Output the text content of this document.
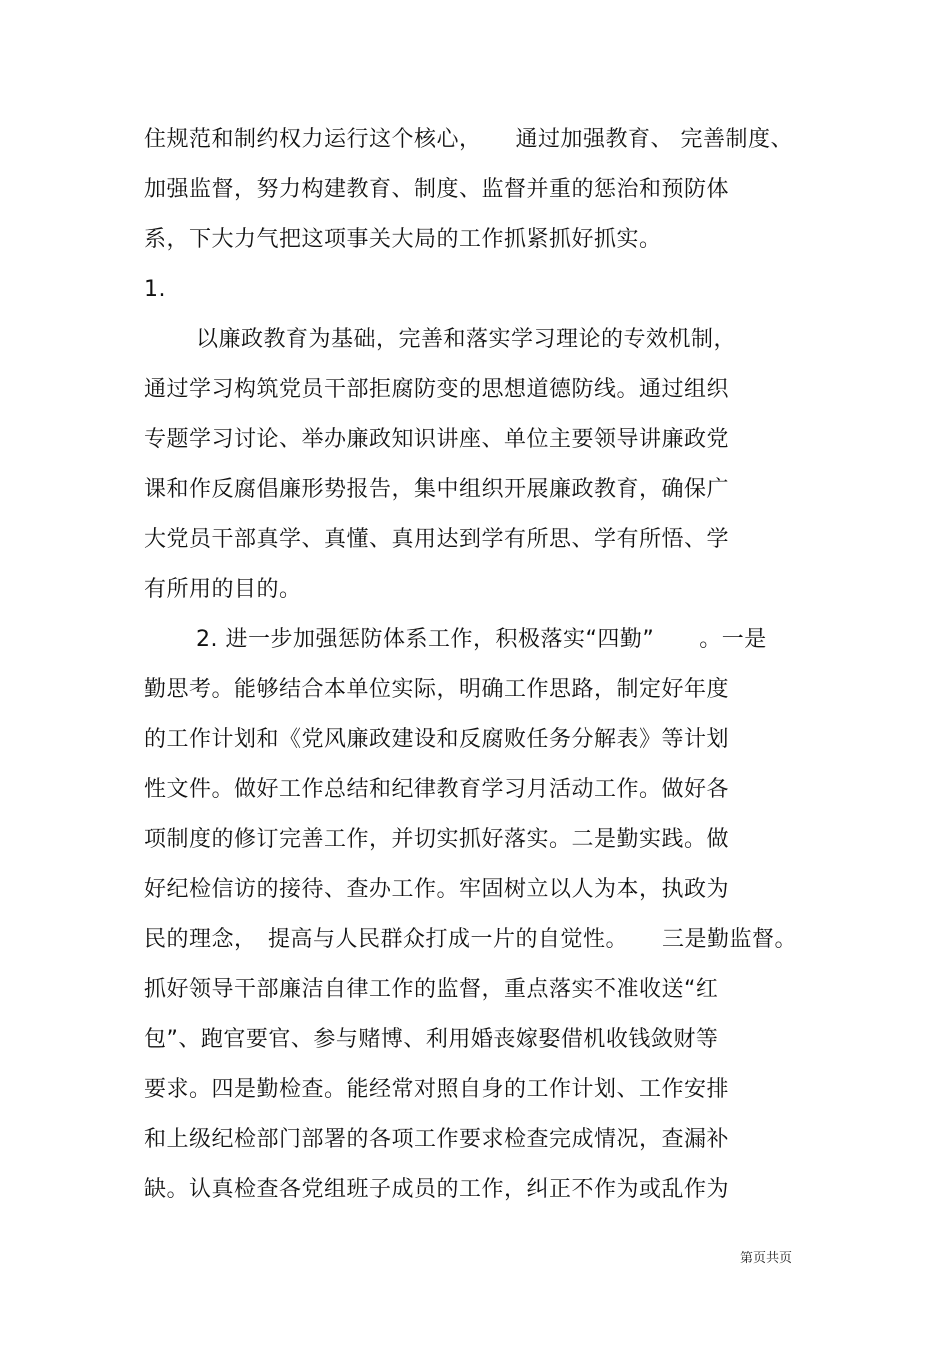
住规范和制约权力运行这个核心，　　通过加强教育、 完善制度、
加强监督，努力构建教育、制度、监督并重的惩治和预防体
系，下大力气把这项事关大局的工作抓紧抓好抓实。
1.
以廉政教育为基础，完善和落实学习理论的专效机制，
通过学习构筑党员干部拒腐防变的思想道德防线。通过组织
专题学习讨论、举办廉政知识讲座、单位主要领导讲廉政党
课和作反腐倡廉形势报告，集中组织开展廉政教育，确保广
大党员干部真学、真懂、真用达到学有所思、学有所悟、学
有所用的目的。
2. 进一步加强惩防体系工作，积极落实“四勤”　　。一是
勤思考。能够结合本单位实际，明确工作思路，制定好年度
的工作计划和《党风廉政建设和反腐败任务分解表》等计划
性文件。做好工作总结和纪律教育学习月活动工作。做好各
项制度的修订完善工作，并切实抓好落实。二是勤实践。做
好纪检信访的接待、查办工作。牢固树立以人为本，执政为
民的理念，　提高与人民群众打成一片的自觉性。　　三是勤监督。
抓好领导干部廉洁自律工作的监督，重点落实不准收送“红
包”、跑官要官、参与赌博、利用婚丧嫁娶借机收钱敛财等
要求。四是勤检查。能经常对照自身的工作计划、工作安排
和上级纪检部门部署的各项工作要求检查完成情况，查漏补
缺。认真检查各党组班子成员的工作，纠正不作为或乱作为
第页共页
